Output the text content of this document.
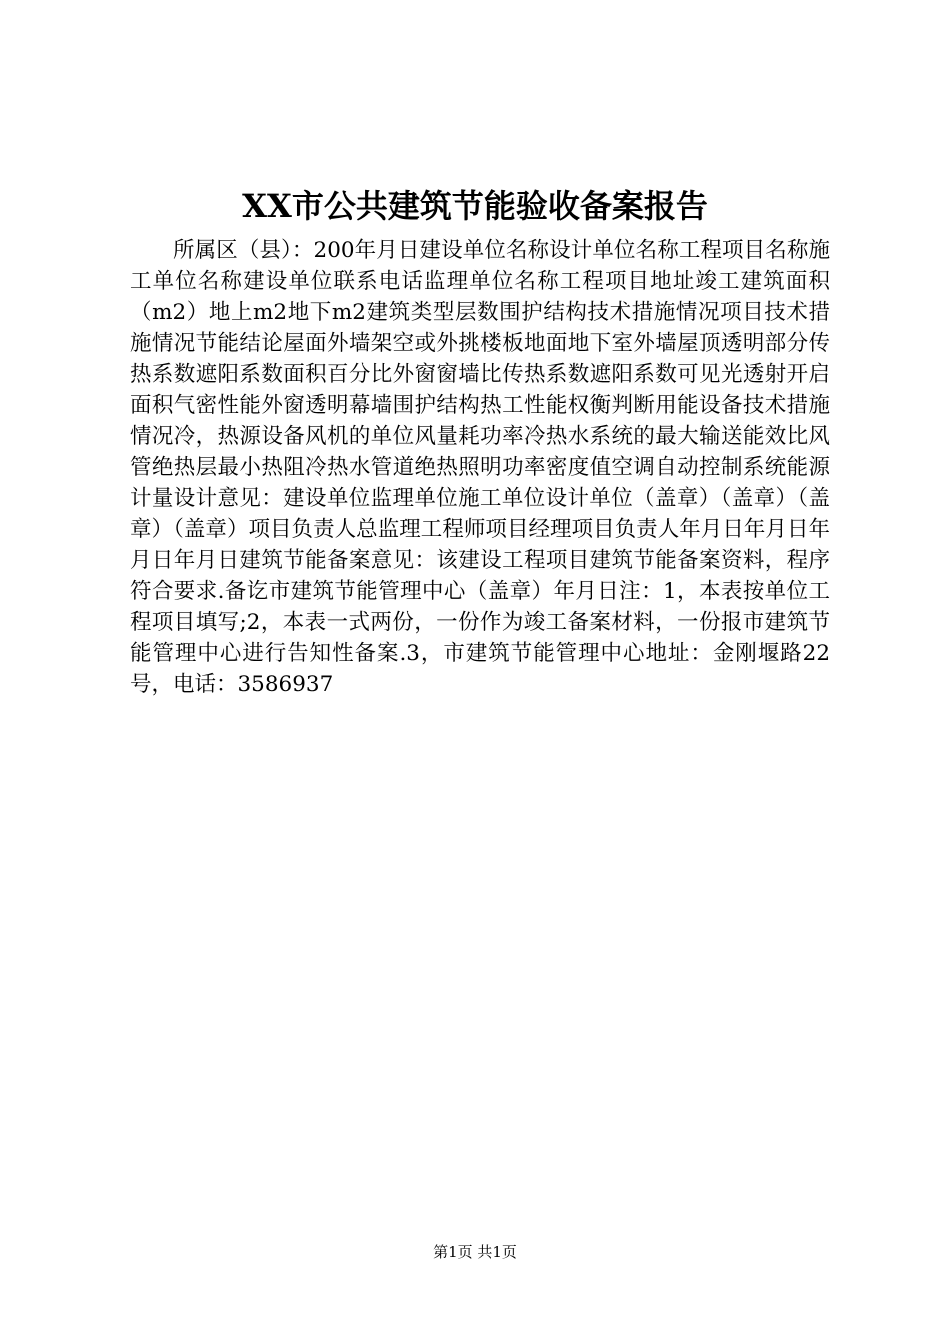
XX市公共建筑节能验收备案报告

所属区（县）：200年月日建设单位名称设计单位名称工程项目名称施工单位名称建设单位联系电话监理单位名称工程项目地址竣工建筑面积（m2）地上m2地下m2建筑类型层数围护结构技术措施情况项目技术措施情况节能结论屋面外墙架空或外挑楼板地面地下室外墙屋顶透明部分传热系数遮阳系数面积百分比外窗窗墙比传热系数遮阳系数可见光透射开启面积气密性能外窗透明幕墙围护结构热工性能权衡判断用能设备技术措施情况冷，热源设备风机的单位风量耗功率冷热水系统的最大输送能效比风管绝热层最小热阻冷热水管道绝热照明功率密度值空调自动控制系统能源计量设计意见：建设单位监理单位施工单位设计单位（盖章）（盖章）（盖章）（盖章）项目负责人总监理工程师项目经理项目负责人年月日年月日年月日年月日建筑节能备案意见：该建设工程项目建筑节能备案资料，程序符合要求.备讫市建筑节能管理中心（盖章）年月日注：1，本表按单位工程项目填写;2，本表一式两份，一份作为竣工备案材料，一份报市建筑节能管理中心进行告知性备案.3，市建筑节能管理中心地址：金刚堰路22号，电话：3586937

第1页 共1页
